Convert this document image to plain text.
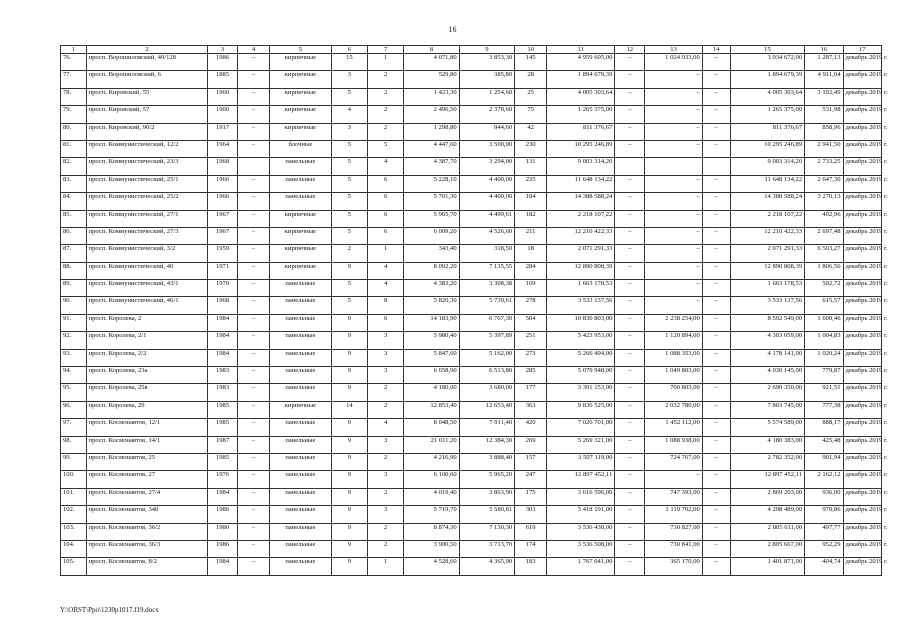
16
1	2	3	4	5	6	7	8	9	10	11	12	13	14	15	16	17
76.	просп. Ворошиловский, 40/128	1986	–	кирпичные	15	1	4 071,80	3 853,30	145	4 959 605,00	–	1 024 933,00	–	3 934 672,00	1 287,13	декабрь 2019 г.
77.	просп. Ворошиловский, 6	1885	–	кирпичные	3	2	529,80	385,80	28	1 894 679,39	–	–	–	1 894 679,39	4 911,04	декабрь 2019 г.
78.	просп. Кировский, 55	1960	–	кирпичные	5	2	1 423,30	1 254,60	25	4 005 303,64	–	–	–	4 005 303,64	3 192,49	декабрь 2019 г.
79.	просп. Кировский, 57	1900	–	кирпичные	4	2	2 496,50	2 378,60	75	1 265 375,00	–	–	–	1 265 375,00	531,98	декабрь 2019 г.
80.	просп. Кировский, 90/2	1917	–	кирпичные	3	2	1 298,80	944,60	42	811 376,67	–	–	–	811 376,67	858,96	декабрь 2019 г.
81.	просп. Коммунистический, 12/2	1964	–	блочные	5	5	4 447,60	3 500,00	230	10 295 246,89	–	–	–	10 295 246,89	2 941,50	декабрь 2019 г.
82.	просп. Коммунистический, 23/3	1968		панельные	5	4	4 387,70	3 294,00	131	9 003 314,20				9 003 314,20	2 733,25	декабрь 2019 г.
83.	просп. Коммунистический, 25/1	1966	–	панельные	5	6	5 228,10	4 400,00	235	11 648 134,22	–	–	–	11 648 134,22	2 647,30	декабрь 2019 г.
84.	просп. Коммунистический, 25/2	1966	–	панельные	5	6	5 701,30	4 400,00	184	14 388 588,24	–	–	–	14 388 588,24	3 270,13	декабрь 2019 г.
85.	просп. Коммунистический, 27/1	1967	–	кирпичные	5	6	5 965,70	4 499,61	182	2 218 107,22	–	–	–	2 218 107,22	492,96	декабрь 2019 г.
86.	просп. Коммунистический, 27/3	1967	–	кирпичные	5	6	6 009,20	4 526,60	211	12 210 422,33	–	–	–	12 210 422,33	2 697,48	декабрь 2019 г.
87.	просп. Коммунистический, 3/2	1959	–	кирпичные	2	1	343,40	318,50	18	2 071 291,33	–	–	–	2 071 291,33	6 503,27	декабрь 2019 г.
88.	просп. Коммунистический, 40	1971	–	кирпичные	9	4	8 092,20	7 135,55	284	12 890 808,39	–	–	–	12 890 808,39	1 806,56	декабрь 2019 г.
89.	просп. Коммунистический, 43/1	1970	–	панельные	5	4	4 383,20	3 308,38	169	1 663 178,53	–	–	–	1 663 178,53	502,72	декабрь 2019 г.
90.	просп. Коммунистический, 46/1	1968	–	панельные	5	8	5 820,30	5 739,61	278	3 533 137,56	–	–	–	3 533 137,56	615,57	декабрь 2019 г.
91.	просп. Королева, 2	1984	–	панельные	9	6	14 183,90	6 767,30	504	10 830 803,00	–	2 238 254,00	–	8 592 549,00	1 600,46	декабрь 2019 г.
92.	просп. Королева, 2/1	1984	–	панельные	9	3	5 980,40	5 397,89	251	5 423 953,00	–	1 120 894,00	–	4 303 059,00	1 004,83	декабрь 2019 г.
93.	просп. Королева, 2/2	1984	–	панельные	9	3	5 847,60	5 162,00	273	5 266 494,00	–	1 088 353,00	–	4 178 141,00	1 020,24	декабрь 2019 г.
94.	просп. Королева, 23а	1983	–	панельные	9	3	6 658,90	6 513,80	285	5 079 948,00	–	1 049 803,00	–	4 030 145,00	779,87	декабрь 2019 г.
95.	просп. Королева, 25в	1983	–	панельные	9	2	4 180,00	3 680,00	177	3 391 153,00	–	700 803,00	–	2 690 350,00	921,51	декабрь 2019 г.
96.	просп. Королева, 29	1985	–	кирпичные	14	2	12 853,40	12 653,40	363	9 836 525,00	–	2 032 780,00	–	7 803 745,00	777,38	декабрь 2019 г.
97.	просп. Космонавтов, 12/1	1985	–	панельные	9	4	8 048,50	7 911,40	420	7 026 701,00	–	1 452 112,00	–	5 574 589,00	888,17	декабрь 2019 г.
98.	просп. Космонавтов, 14/1	1987	–	панельные	9	3	21 011,20	12 384,30	269	5 269 321,00	–	1 088 938,00	–	4 180 383,00	425,48	декабрь 2019 г.
99.	просп. Космонавтов, 25	1985	–	панельные	9	2	4 216,90	3 888,40	157	3 507 119,00	–	724 767,00	–	2 782 352,00	901,94	декабрь 2019 г.
100.	просп. Космонавтов, 27	1976	–	панельные	9	3	6 100,60	5 965,20	247	12 897 452,11	–	–	–	12 897 452,11	2 162,12	декабрь 2019 г.
101.	просп. Космонавтов, 27/4	1984	–	панельные	9	2	4 019,40	3 863,90	175	3 616 596,00	–	747 393,00	–	2 869 203,00	936,00	декабрь 2019 г.
102.	просп. Космонавтов, 34б	1986	–	панельные	9	3	5 719,70	5 580,81	303	5 418 191,00	–	1 119 702,00	–	4 298 489,00	970,86	декабрь 2019 г.
103.	просп. Космонавтов, 36/2	1980	–	панельные	9	2	8 874,30	7 130,30	619	3 536 438,00	–	730 827,00	–	2 805 611,00	497,77	декабрь 2019 г.
104.	просп. Космонавтов, 36/3	1986	–	панельные	9	2	3 900,50	3 713,70	174	3 536 508,00	–	730 841,00	–	2 805 667,00	952,29	декабрь 2019 г.
105.	просп. Космонавтов, 8/2	1984	–	панельные	9	1	4 528,60	4 365,90	183	1 767 041,00	–	365 170,00	–	1 401 871,00	404,74	декабрь 2019 г.
Y:\ORST\Ppo\1230p1017.f19.docx
